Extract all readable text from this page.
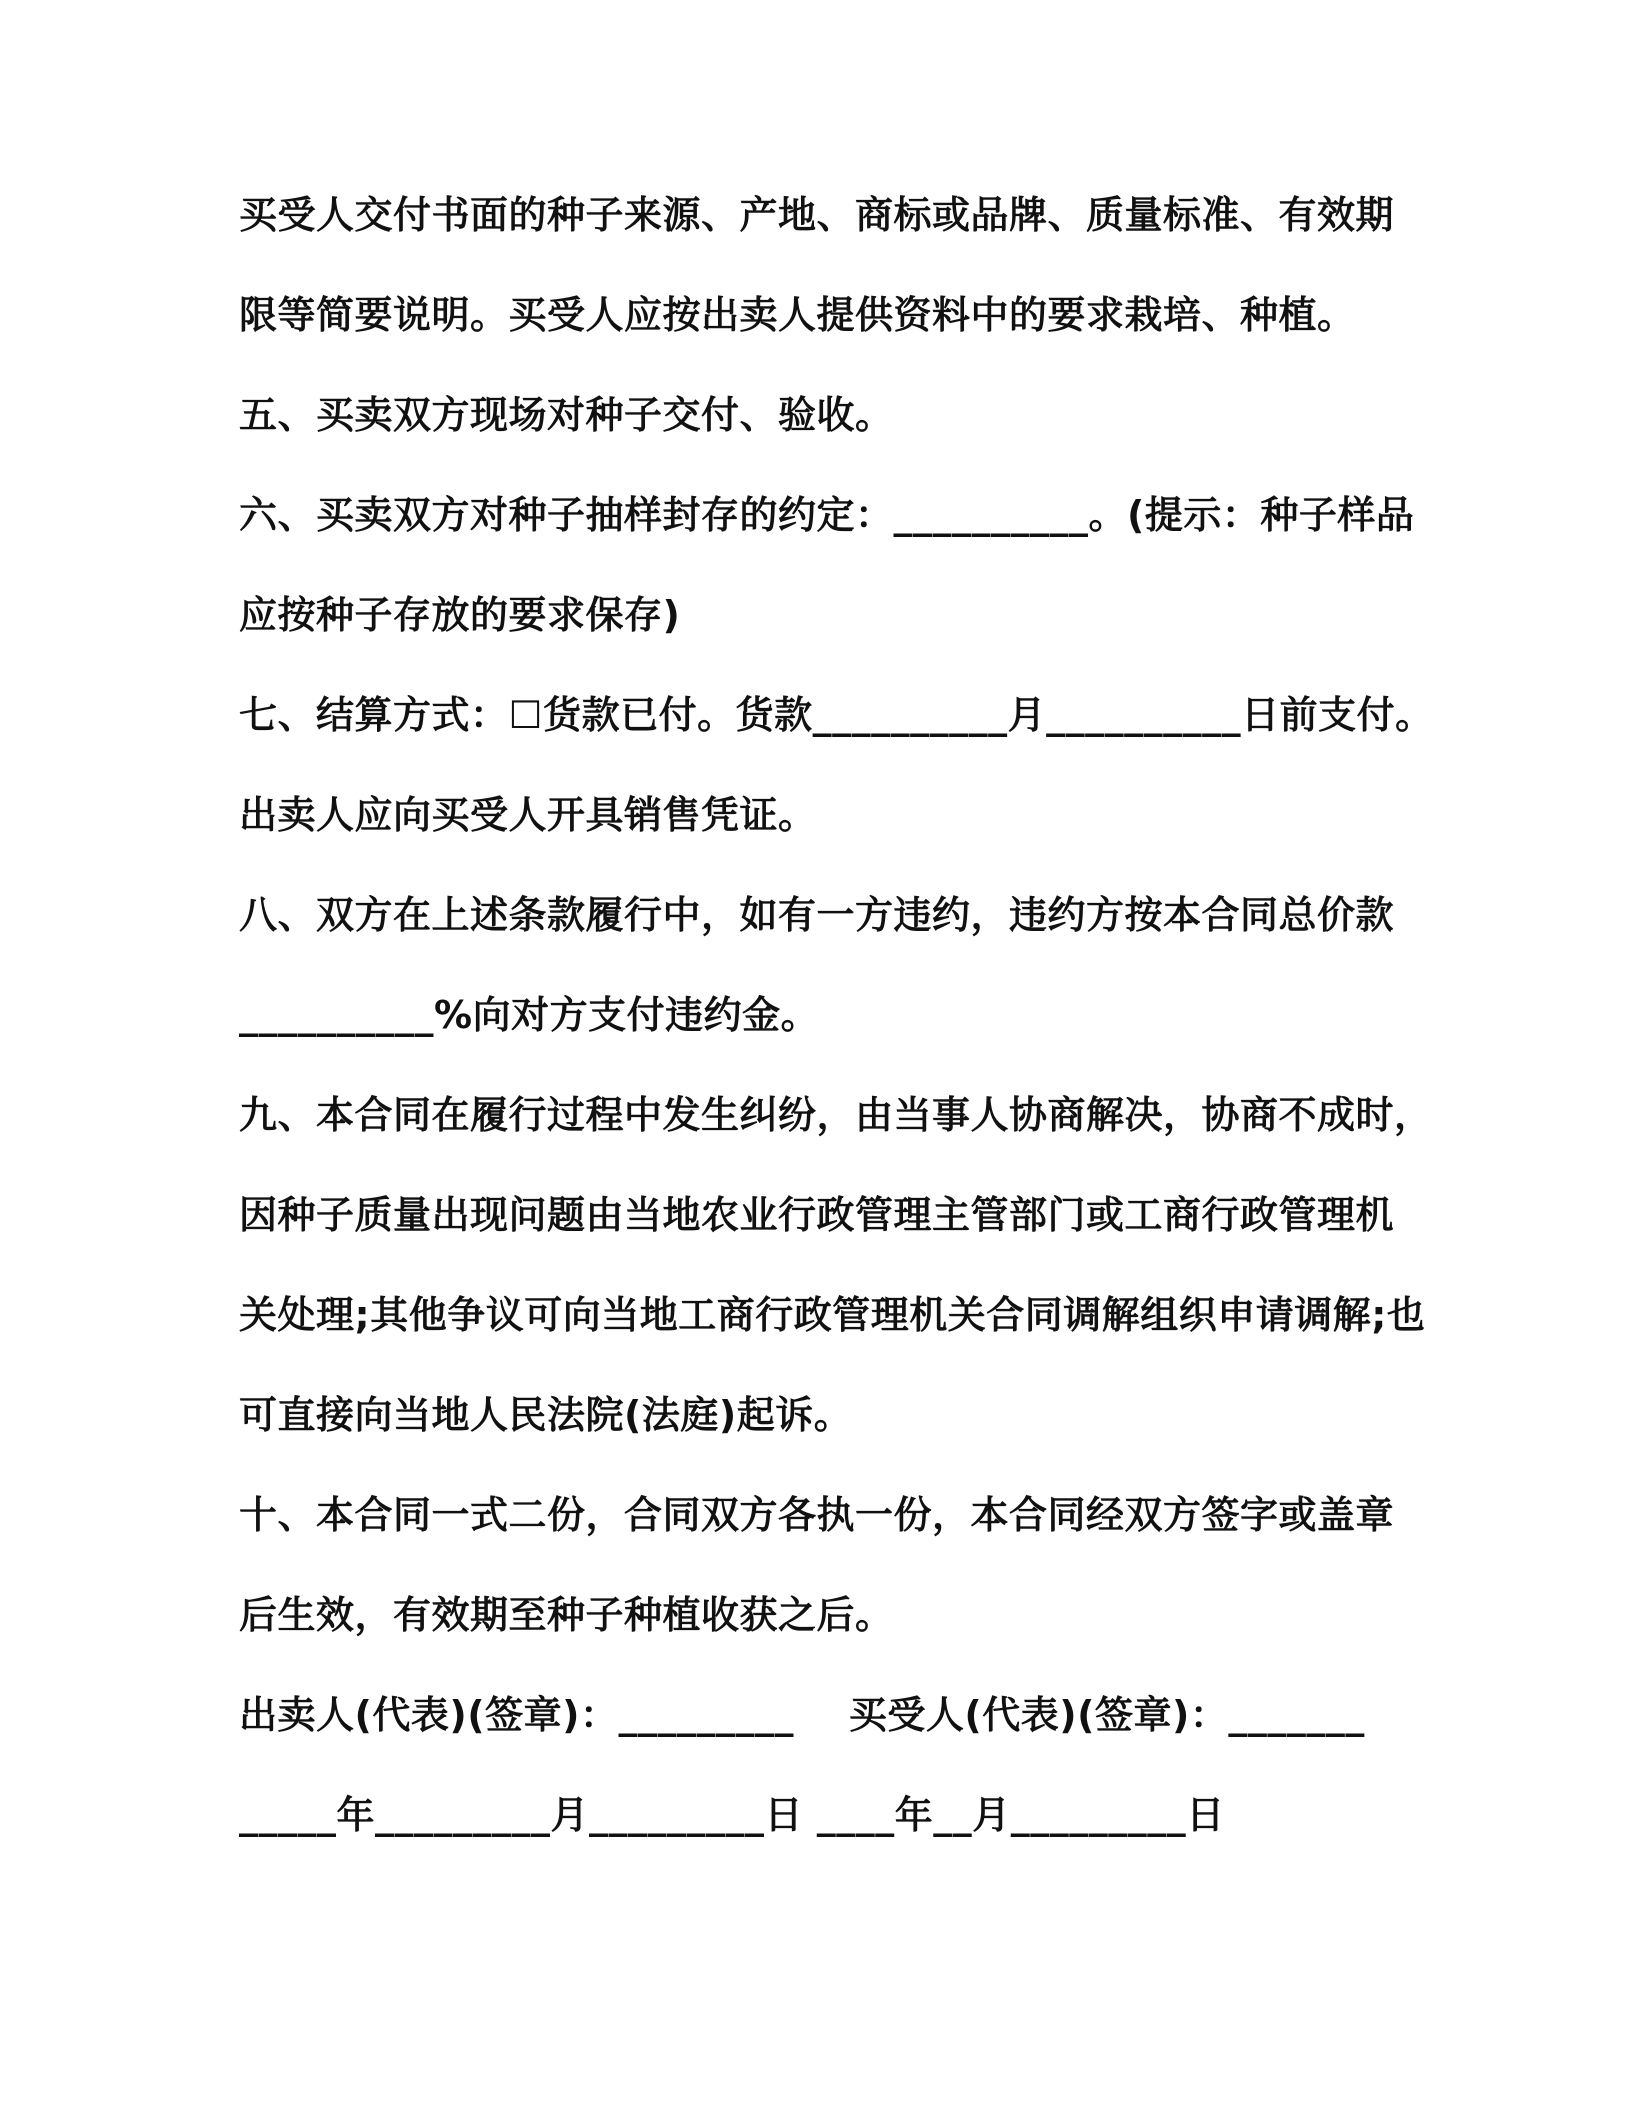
买受人交付书面的种子来源、产地、商标或品牌、质量标准、有效期
限等简要说明。买受人应按出卖人提供资料中的要求栽培、种植。
五、买卖双方现场对种子交付、验收。
六、买卖双方对种子抽样封存的约定：__________。(提示：种子样品
应按种子存放的要求保存)
七、结算方式：☐货款已付。货款__________月__________日前支付。
出卖人应向买受人开具销售凭证。
八、双方在上述条款履行中，如有一方违约，违约方按本合同总价款
__________%向对方支付违约金。
九、本合同在履行过程中发生纠纷，由当事人协商解决，协商不成时，
因种子质量出现问题由当地农业行政管理主管部门或工商行政管理机
关处理;其他争议可向当地工商行政管理机关合同调解组织申请调解;也
可直接向当地人民法院(法庭)起诉。
十、本合同一式二份，合同双方各执一份，本合同经双方签字或盖章
后生效，有效期至种子种植收获之后。
出卖人(代表)(签章)：_________    买受人(代表)(签章)：_______
_____年_________月_________日 ____年__月_________日
